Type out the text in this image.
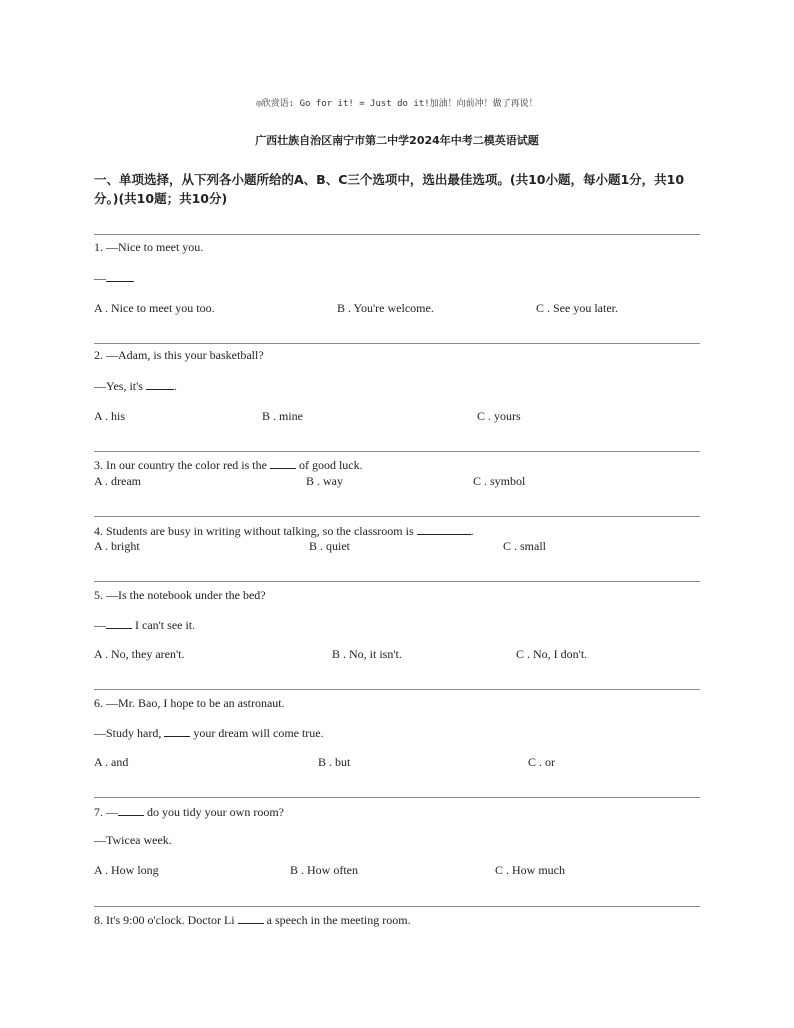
◎欣赏语: Go for it! = Just do it!加油！向前冲！做了再说！
广西壮族自治区南宁市第二中学2024年中考二模英语试题
一、单项选择，从下列各小题所给的A、B、C三个选项中，选出最佳选项。(共10小题，每小题1分，共10分。)(共10题；共10分)
1. —Nice to meet you.
—
A . Nice to meet you too.	B . You're welcome.	C . See you later.
2. —Adam, is this your basketball?
—Yes, it's .
A . his	B . mine	C . yours
3. In our country the color red is the  of good luck.
A . dream	B . way	C . symbol
4. Students are busy in writing without talking, so the classroom is	.
A . bright	B . quiet	C . small
5. —Is the notebook under the bed?
— I can't see it.
A . No, they aren't.	B . No, it isn't.	C . No, I don't.
6. —Mr. Bao, I hope to be an astronaut.
—Study hard,  your dream will come true.
A . and	B . but	C . or
7. — do you tidy your own room?
—Twicea week.
A . How long	B . How often	C . How much
8. It's 9:00 o'clock. Doctor Li  a speech in the meeting room.
